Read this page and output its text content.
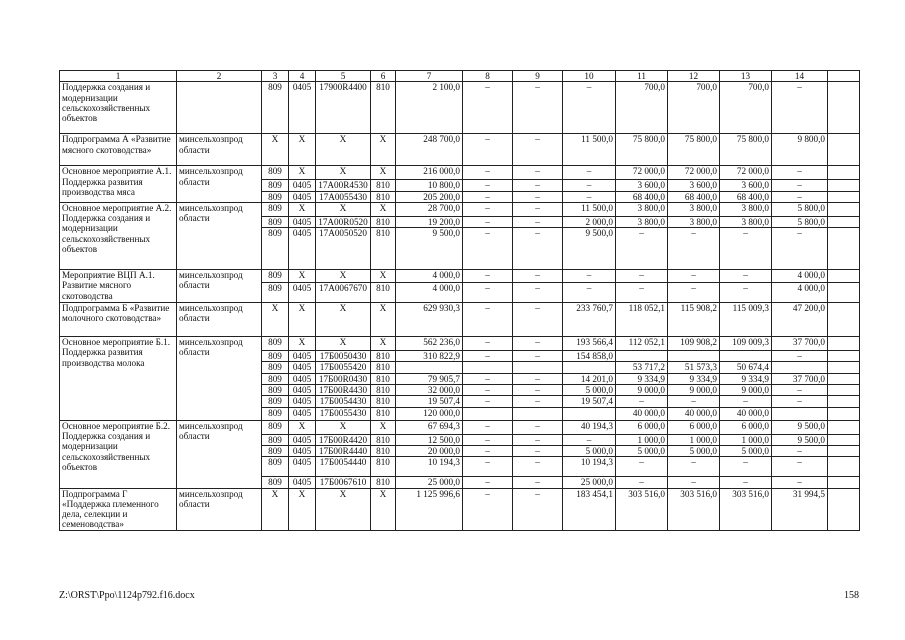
1	2	3	4	5	6	7	8	9	10	11	12	13	14	
Поддержка создания и модернизации сельскохозяйственных объектов		809	0405	17900R4400	810	2 100,0	–	–	–	700,0	700,0	700,0	–	
Подпрограмма А «Развитие мясного скотоводства»	минсельхозпрод области	Х	Х	Х	Х	248 700,0	–	–	11 500,0	75 800,0	75 800,0	75 800,0	9 800,0	
Основное мероприятие А.1. Поддержка развития производства мяса	минсельхозпрод области	809	Х	Х	Х	216 000,0	–	–	–	72 000,0	72 000,0	72 000,0	–	
		809	0405	17А00R4530	810	10 800,0	–	–	–	3 600,0	3 600,0	3 600,0	–	
		809	0405	17А0055430	810	205 200,0	–	–	–	68 400,0	68 400,0	68 400,0	–	
Основное мероприятие А.2. Поддержка создания и модернизации сельскохозяйственных объектов	минсельхозпрод области	809	Х	Х	Х	28 700,0	–	–	11 500,0	3 800,0	3 800,0	3 800,0	5 800,0	
		809	0405	17А00R0520	810	19 200,0	–	–	2 000,0	3 800,0	3 800,0	3 800,0	5 800,0	
		809	0405	17А0050520	810	9 500,0	–	–	9 500,0	–	–	–	–	
Мероприятие ВЦП А.1. Развитие мясного скотоводства	минсельхозпрод области	809	Х	Х	Х	4 000,0	–	–	–	–	–	–	4 000,0	
		809	0405	17А0067670	810	4 000,0	–	–	–	–	–	–	4 000,0	
Подпрограмма Б «Развитие молочного скотоводства»	минсельхозпрод области	Х	Х	Х	Х	629 930,3	–	–	233 760,7	118 052,1	115 908,2	115 009,3	47 200,0	
Основное мероприятие Б.1. Поддержка развития производства молока	минсельхозпрод области	809	Х	Х	Х	562 236,0	–	–	193 566,4	112 052,1	109 908,2	109 009,3	37 700,0	
		809	0405	17Б0050430	810	310 822,9	–	–	154 858,0				–	
		809	0405	17Б0055420	810					53 717,2	51 573,3	50 674,4		
		809	0405	17Б00R0430	810	79 905,7	–	–	14 201,0	9 334,9	9 334,9	9 334,9	37 700,0	
		809	0405	17Б00R4430	810	32 000,0	–	–	5 000,0	9 000,0	9 000,0	9 000,0	–	
		809	0405	17Б0054430	810	19 507,4	–	–	19 507,4	–	–	–	–	
		809	0405	17Б0055430	810	120 000,0				40 000,0	40 000,0	40 000,0		
Основное мероприятие Б.2. Поддержка создания и модернизации сельскохозяйственных объектов	минсельхозпрод области	809	Х	Х	Х	67 694,3	–	–	40 194,3	6 000,0	6 000,0	6 000,0	9 500,0	
		809	0405	17Б00R4420	810	12 500,0	–	–	–	1 000,0	1 000,0	1 000,0	9 500,0	
		809	0405	17Б00R4440	810	20 000,0	–	–	5 000,0	5 000,0	5 000,0	5 000,0	–	
		809	0405	17Б0054440	810	10 194,3	–	–	10 194,3	–	–	–	–	
		809	0405	17Б0067610	810	25 000,0	–	–	25 000,0	–	–	–	–	
Подпрограмма Г «Поддержка племенного дела, селекции и семеноводства»	минсельхозпрод области	Х	Х	Х	Х	1 125 996,6	–	–	183 454,1	303 516,0	303 516,0	303 516,0	31 994,5	
Z:\ORST\Ppo\1124p792.f16.docx	158
